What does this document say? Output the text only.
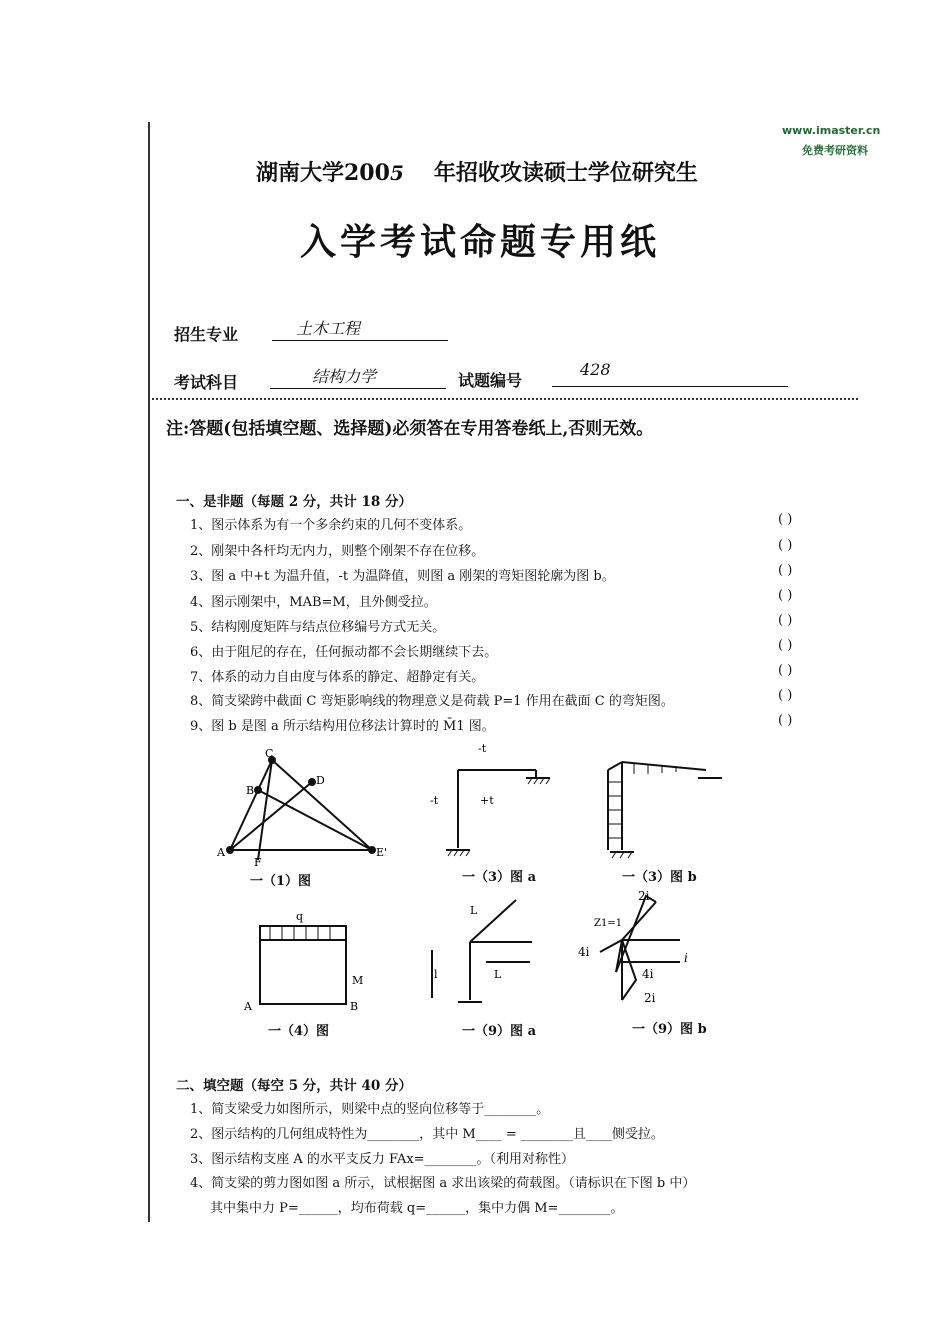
www.imaster.cn
免费考研资料
湖南大学2005 年招收攻读硕士学位研究生
入学考试命题专用纸
招生专业	土木工程
考试科目	结构力学	试题编号
428
注:答题(包括填空题、选择题)必须答在专用答卷纸上,否则无效。
一、是非题（每题 2 分，共计 18 分）
1、图示体系为有一个多余约束的几何不变体系。
2、刚架中各杆均无内力，则整个刚架不存在位移。
3、图 a 中+t 为温升值，-t 为温降值，则图 a 刚架的弯矩图轮廓为图 b。
4、图示刚架中，MAB=M，且外侧受拉。
5、结构刚度矩阵与结点位移编号方式无关。
6、由于阻尼的存在，任何振动都不会长期继续下去。
7、体系的动力自由度与体系的静定、超静定有关。
8、简支梁跨中截面 C 弯矩影响线的物理意义是荷载 P=1 作用在截面 C 的弯矩图。
9、图 b 是图 a 所示结构用位移法计算时的 M̄1 图。
( )
( )
( )
( )
( )
( )
( )
( )
( )
C
B
D
A	E'
F
-t
-t	+t
q
M
A	B
l	L
L
2i
Z1=1
4i
4i
2i
i
一（1）图	一（3）图 a	一（3）图 b
一（4）图	一（9）图 a	一（9）图 b
二、填空题（每空 5 分，共计 40 分）
1、简支梁受力如图所示，则梁中点的竖向位移等于________。
2、图示结构的几何组成特性为________，其中 M____ = ________且____侧受拉。
3、图示结构支座 A 的水平支反力 FAx=________。（利用对称性）
4、简支梁的剪力图如图 a 所示，试根据图 a 求出该梁的荷载图。（请标识在下图 b 中）
其中集中力 P=______，均布荷载 q=______，集中力偶 M=________。
